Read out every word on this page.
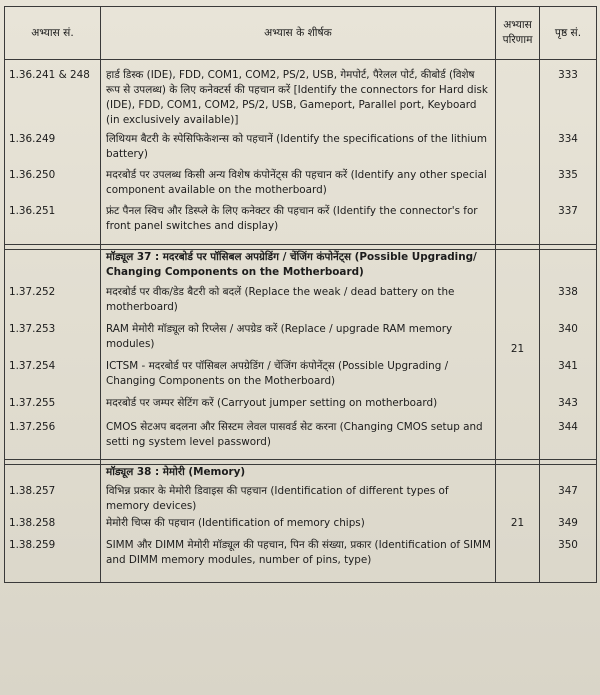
अभ्यास सं.	अभ्यास के शीर्षक	अभ्यास परिणाम	पृष्ठ सं.
1.36.241 & 248	हार्ड डिस्क (IDE), FDD, COM1, COM2, PS/2, USB, गेमपोर्ट, पैरेलल पोर्ट, कीबोर्ड (विशेष रूप से उपलब्ध) के लिए कनेक्टर्स की पहचान करें [Identify the connectors for Hard disk (IDE), FDD, COM1, COM2, PS/2, USB, Gameport, Parallel port, Keyboard (in exclusively available)]		333
1.36.249	लिथियम बैटरी के स्पेसिफिकेशन्स को पहचानें (Identify the specifications of the lithium battery)		334
1.36.250	मदरबोर्ड पर उपलब्ध किसी अन्य विशेष कंपोनेंट्स की पहचान करें (Identify any other special component available on the motherboard)		335
1.36.251	फ्रंट पैनल स्विच और डिस्प्ले के लिए कनेक्टर की पहचान करें (Identify the connector's for front panel switches and display)		337

	मॉड्यूल 37 : मदरबोर्ड पर पॉसिबल अपग्रेडिंग / चेंजिंग कंपोनेंट्स (Possible Upgrading/ Changing Components on the Motherboard)		
1.37.252	मदरबोर्ड पर वीक/डेड बैटरी को बदलें (Replace the weak / dead battery on the motherboard)		338
1.37.253	RAM मेमोरी मॉड्यूल को रिप्लेस / अपग्रेड करें (Replace / upgrade RAM memory modules)	21	340
1.37.254	ICTSM - मदरबोर्ड पर पॉसिबल अपग्रेडिंग / चेंजिंग कंपोनेंट्स (Possible Upgrading / Changing Components on the Motherboard)		341
1.37.255	मदरबोर्ड पर जम्पर सेटिंग करें (Carryout jumper setting on motherboard)		343
1.37.256	CMOS सेटअप बदलना और सिस्टम लेवल पासवर्ड सेट करना (Changing CMOS setup and setti ng system level password)		344

	मॉड्यूल 38 : मेमोरी (Memory)		
1.38.257	विभिन्न प्रकार के मेमोरी डिवाइस की पहचान (Identification of different types of memory devices)		347
1.38.258	मेमोरी चिप्स की पहचान (Identification of memory chips)	21	349
1.38.259	SIMM और DIMM मेमोरी मॉड्यूल की पहचान, पिन की संख्या, प्रकार (Identification of SIMM and DIMM memory modules, number of pins, type)		350
